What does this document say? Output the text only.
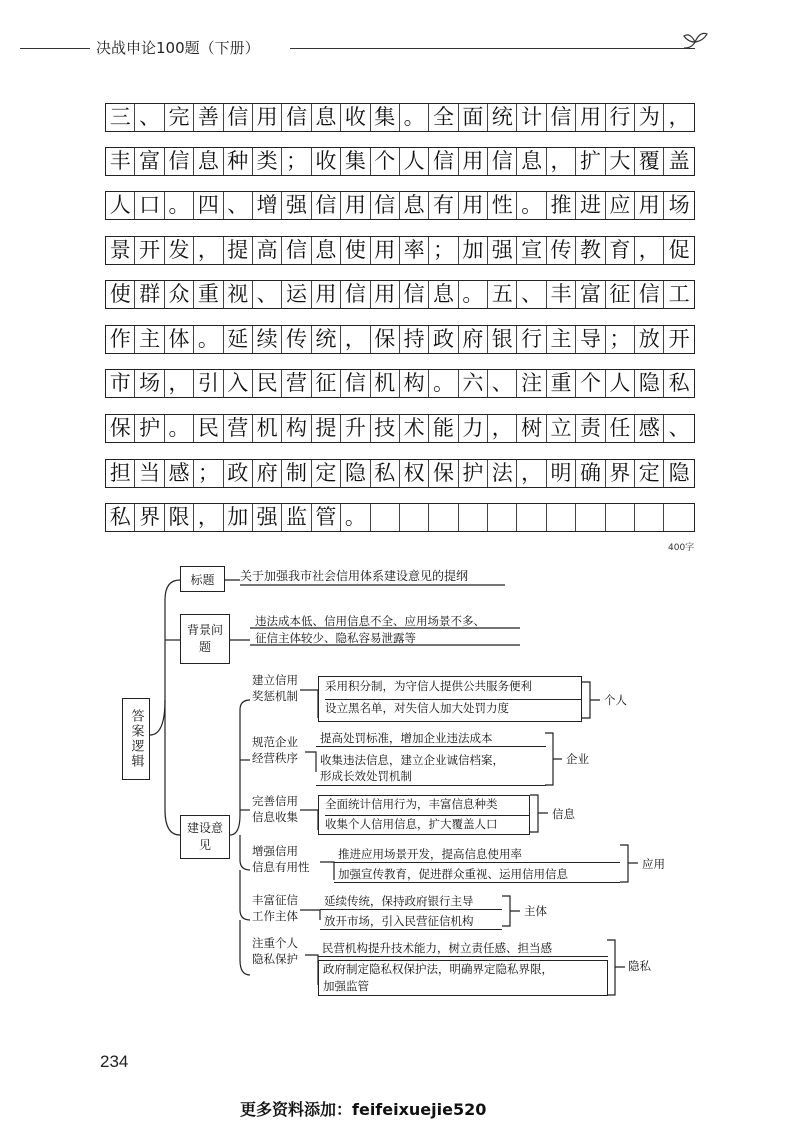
决战申论100题（下册）
三 、 完 善 信 用 信 息 收 集 。 全 面 统 计 信 用 行 为 ，
丰 富 信 息 种 类 ； 收 集 个 人 信 用 信 息 ， 扩 大 覆 盖
人 口 。 四 、 增 强 信 用 信 息 有 用 性 。 推 进 应 用 场
景 开 发 ， 提 高 信 息 使 用 率 ； 加 强 宣 传 教 育 ， 促
使 群 众 重 视 、 运 用 信 用 信 息 。 五 、 丰 富 征 信 工
作 主 体 。 延 续 传 统 ， 保 持 政 府 银 行 主 导 ； 放 开
市 场 ， 引 入 民 营 征 信 机 构 。 六 、 注 重 个 人 隐 私
保 护 。 民 营 机 构 提 升 技 术 能 力 ， 树 立 责 任 感 、
担 当 感 ； 政 府 制 定 隐 私 权 保 护 法 ， 明 确 界 定 隐
私 界 限 ， 加 强 监 管 。
400字
答案逻辑
标题 关于加强我市社会信用体系建设意见的提纲
背景问题
违法成本低、信用信息不全、应用场景不多、
征信主体较少、隐私容易泄露等
建设意见
建立信用
奖惩机制
采用积分制，为守信人提供公共服务便利
设立黑名单，对失信人加大处罚力度
个人
规范企业
经营秩序
提高处罚标准，增加企业违法成本
收集违法信息，建立企业诚信档案，
形成长效处罚机制
企业
完善信用
信息收集
全面统计信用行为，丰富信息种类
收集个人信用信息，扩大覆盖人口
信息
增强信用
信息有用性
推进应用场景开发，提高信息使用率
加强宣传教育，促进群众重视、运用信用信息
应用
丰富征信
工作主体
延续传统，保持政府银行主导
放开市场，引入民营征信机构
主体
注重个人
隐私保护
民营机构提升技术能力，树立责任感、担当感
政府制定隐私权保护法，明确界定隐私界限，
加强监管
隐私
234
更多资料添加：feifeixuejie520
